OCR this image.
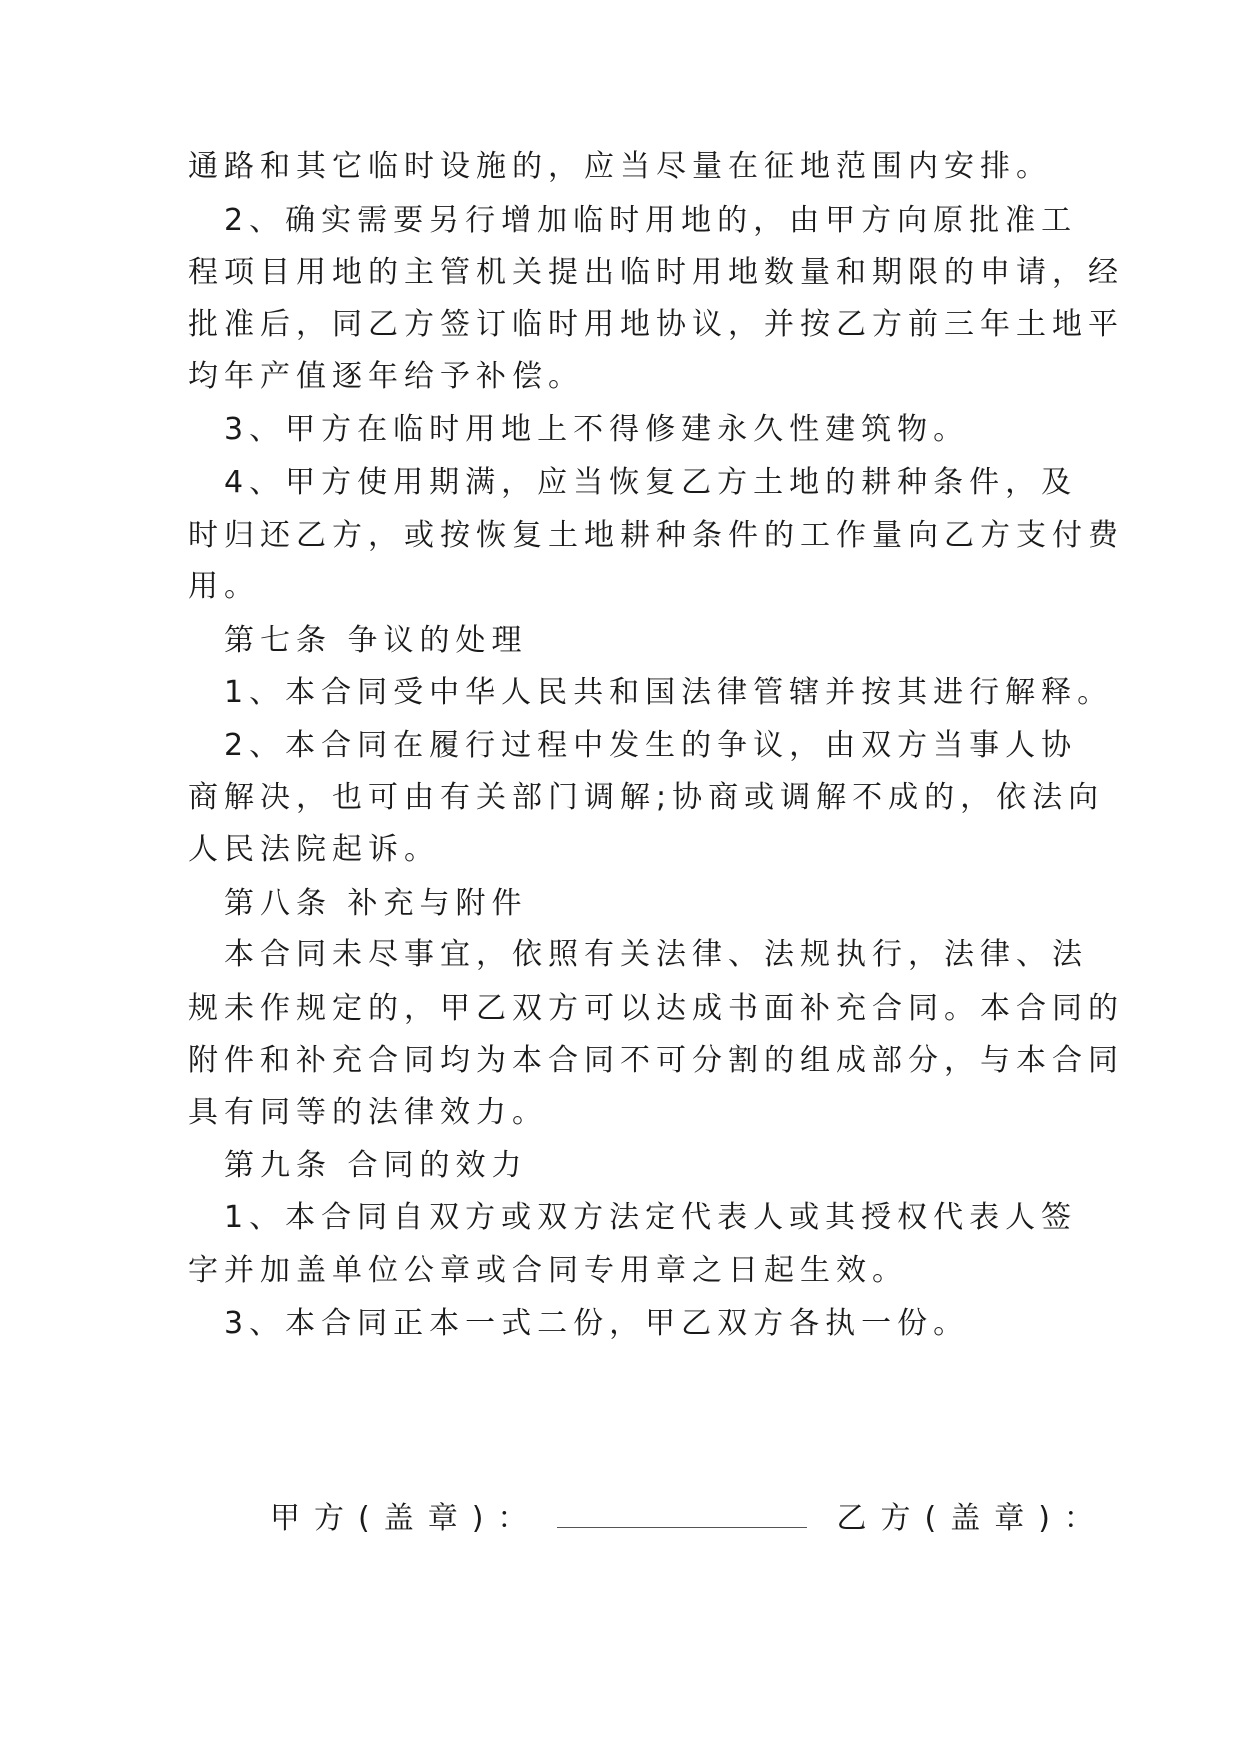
通路和其它临时设施的，应当尽量在征地范围内安排。

　2、确实需要另行增加临时用地的，由甲方向原批准工

程项目用地的主管机关提出临时用地数量和期限的申请，经

批准后，同乙方签订临时用地协议，并按乙方前三年土地平

均年产值逐年给予补偿。

　3、甲方在临时用地上不得修建永久性建筑物。

　4、甲方使用期满，应当恢复乙方土地的耕种条件，及

时归还乙方，或按恢复土地耕种条件的工作量向乙方支付费

用。

　第七条 争议的处理

　1、本合同受中华人民共和国法律管辖并按其进行解释。

　2、本合同在履行过程中发生的争议，由双方当事人协

商解决，也可由有关部门调解;协商或调解不成的，依法向

人民法院起诉。

　第八条 补充与附件

　本合同未尽事宜，依照有关法律、法规执行，法律、法

规未作规定的，甲乙双方可以达成书面补充合同。本合同的

附件和补充合同均为本合同不可分割的组成部分，与本合同

具有同等的法律效力。

　第九条 合同的效力

　1、本合同自双方或双方法定代表人或其授权代表人签

字并加盖单位公章或合同专用章之日起生效。

　3、本合同正本一式二份，甲乙双方各执一份。

甲方(盖章)：	乙方(盖章)：
